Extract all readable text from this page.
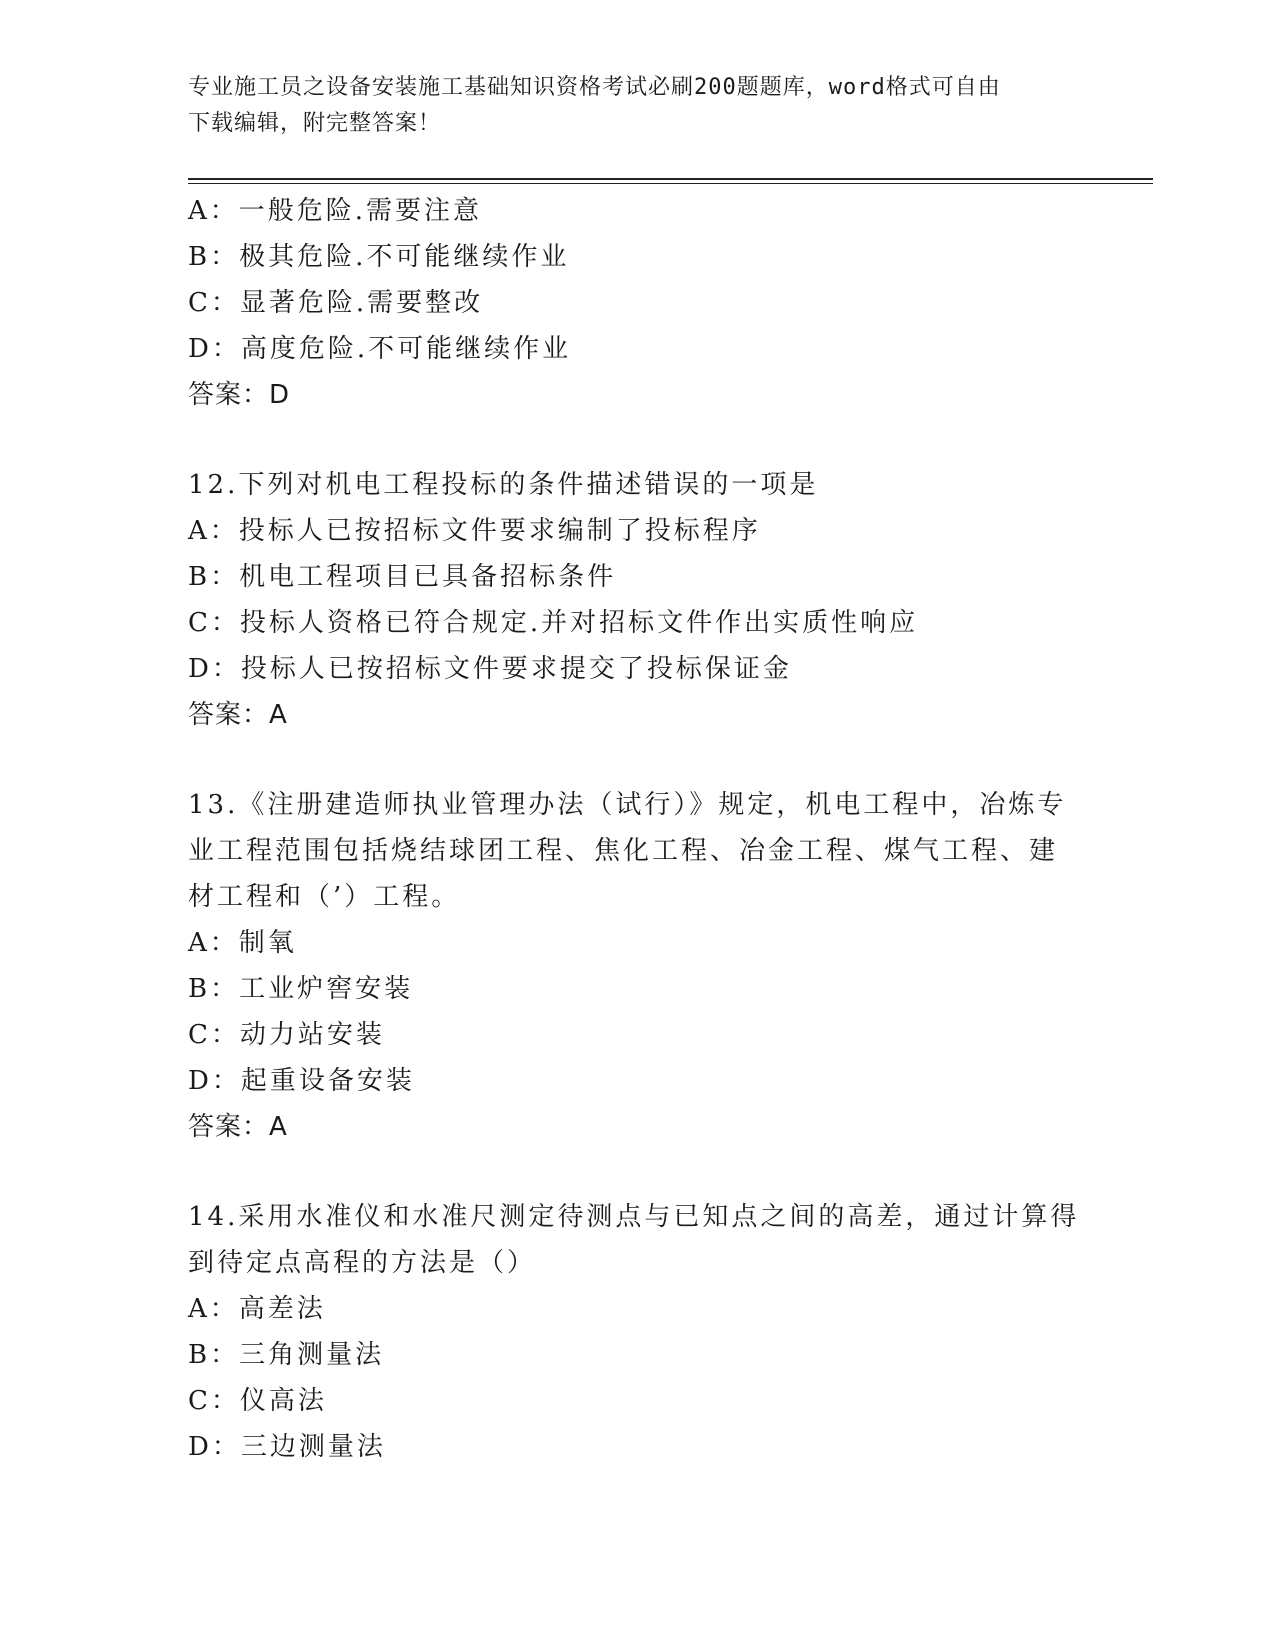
专业施工员之设备安装施工基础知识资格考试必刷200题题库，word格式可自由
下载编辑，附完整答案！
A：一般危险.需要注意
B：极其危险.不可能继续作业
C：显著危险.需要整改
D：高度危险.不可能继续作业
答案：D
12.下列对机电工程投标的条件描述错误的一项是
A：投标人已按招标文件要求编制了投标程序
B：机电工程项目已具备招标条件
C：投标人资格已符合规定.并对招标文件作出实质性响应
D：投标人已按招标文件要求提交了投标保证金
答案：A
13.《注册建造师执业管理办法（试行）》规定，机电工程中，冶炼专
业工程范围包括烧结球团工程、焦化工程、冶金工程、煤气工程、建
材工程和（’）工程。
A：制氧
B：工业炉窖安装
C：动力站安装
D：起重设备安装
答案：A
14.采用水准仪和水准尺测定待测点与已知点之间的高差，通过计算得
到待定点高程的方法是（）
A：高差法
B：三角测量法
C：仪高法
D：三边测量法
